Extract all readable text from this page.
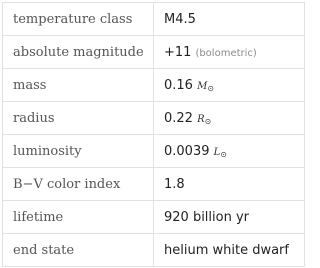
temperature class	M4.5
absolute magnitude	+11 (bolometric)
mass	0.16 $M_⊙$
radius	0.22 $R_⊙$
luminosity	0.0039 $L_⊙$
B−V color index	1.8
lifetime	920 billion yr
end state	helium white dwarf
